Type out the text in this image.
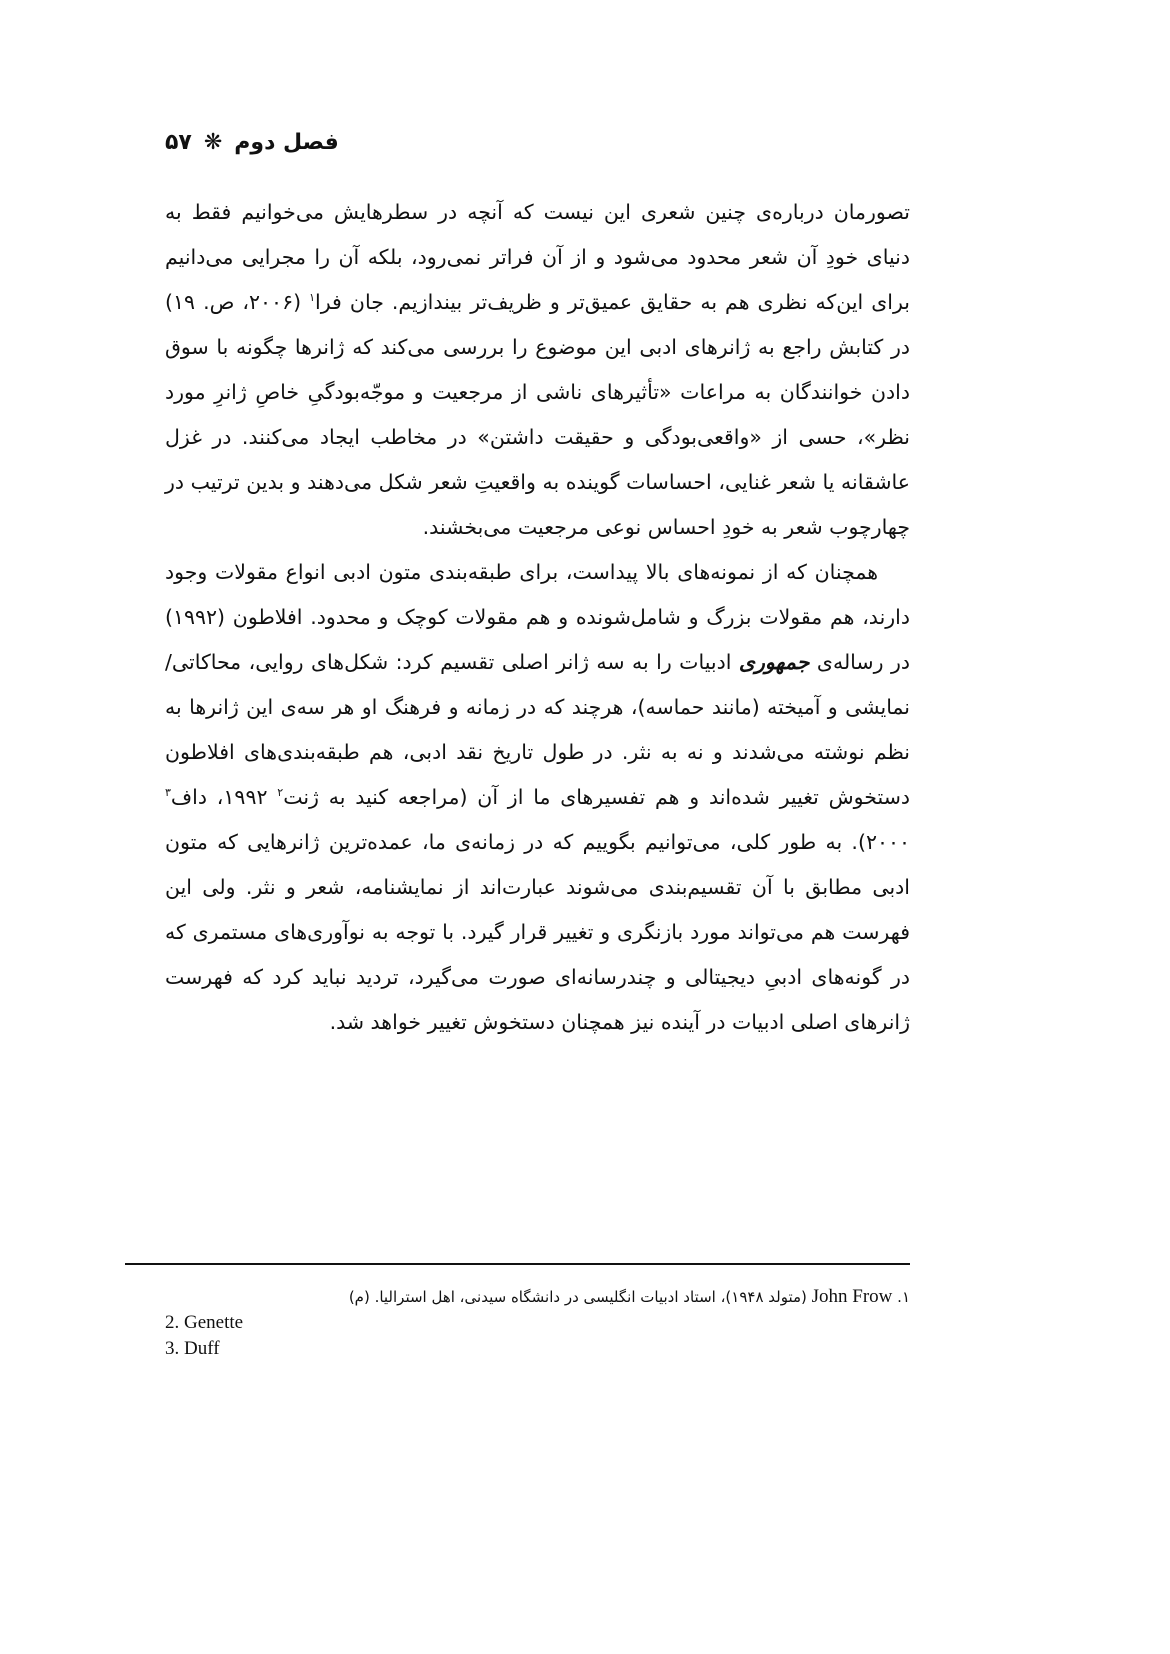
۵۷ ❋ فصل دوم

تصورمان درباره‌ی چنین شعری این نیست که آنچه در سطرهایش می‌خوانیم فقط به دنیای خودِ آن شعر محدود می‌شود و از آن فراتر نمی‌رود، بلکه آن را مجرایی می‌دانیم برای این‌که نظری هم به حقایق عمیق‌تر و ظریف‌تر بیندازیم. جان فرا$^۱$ (۲۰۰۶، ص. ۱۹) در کتابش راجع به ژانرهای ادبی این موضوع را بررسی می‌کند که ژانرها چگونه با سوق دادن خوانندگان به مراعات «تأثیرهای ناشی از مرجعیت و موجّه‌بودگیِ خاصِ ژانرِ مورد نظر»، حسی از «واقعی‌بودگی و حقیقت داشتن» در مخاطب ایجاد می‌کنند. در غزل عاشقانه یا شعر غنایی، احساسات گوینده به واقعیتِ شعر شکل می‌دهند و بدین ترتیب در چهارچوب شعر به خودِ احساس نوعی مرجعیت می‌بخشند.

همچنان که از نمونه‌های بالا پیداست، برای طبقه‌بندی متون ادبی انواع مقولات وجود دارند، هم مقولات بزرگ و شامل‌شونده و هم مقولات کوچک و محدود. افلاطون (۱۹۹۲) در رساله‌ی جمهوری ادبیات را به سه ژانر اصلی تقسیم کرد: شکل‌های روایی، محاکاتی/نمایشی و آمیخته (مانند حماسه)، هرچند که در زمانه و فرهنگ او هر سه‌ی این ژانرها به نظم نوشته می‌شدند و نه به نثر. در طول تاریخ نقد ادبی، هم طبقه‌بندی‌های افلاطون دستخوش تغییر شده‌اند و هم تفسیرهای ما از آن (مراجعه کنید به ژنت$^۲$ ۱۹۹۲، داف$^۳$ ۲۰۰۰). به طور کلی، می‌توانیم بگوییم که در زمانه‌ی ما، عمده‌ترین ژانرهایی که متون ادبی مطابق با آن تقسیم‌بندی می‌شوند عبارت‌اند از نمایشنامه، شعر و نثر. ولی این فهرست هم می‌تواند مورد بازنگری و تغییر قرار گیرد. با توجه به نوآوری‌های مستمری که در گونه‌های ادبیِ دیجیتالی و چندرسانه‌ای صورت می‌گیرد، تردید نباید کرد که فهرست ژانرهای اصلی ادبیات در آینده نیز همچنان دستخوش تغییر خواهد شد.

۱. John Frow (متولد ۱۹۴۸)، استاد ادبیات انگلیسی در دانشگاه سیدنی، اهل استرالیا. (م)
2. Genette
3. Duff
